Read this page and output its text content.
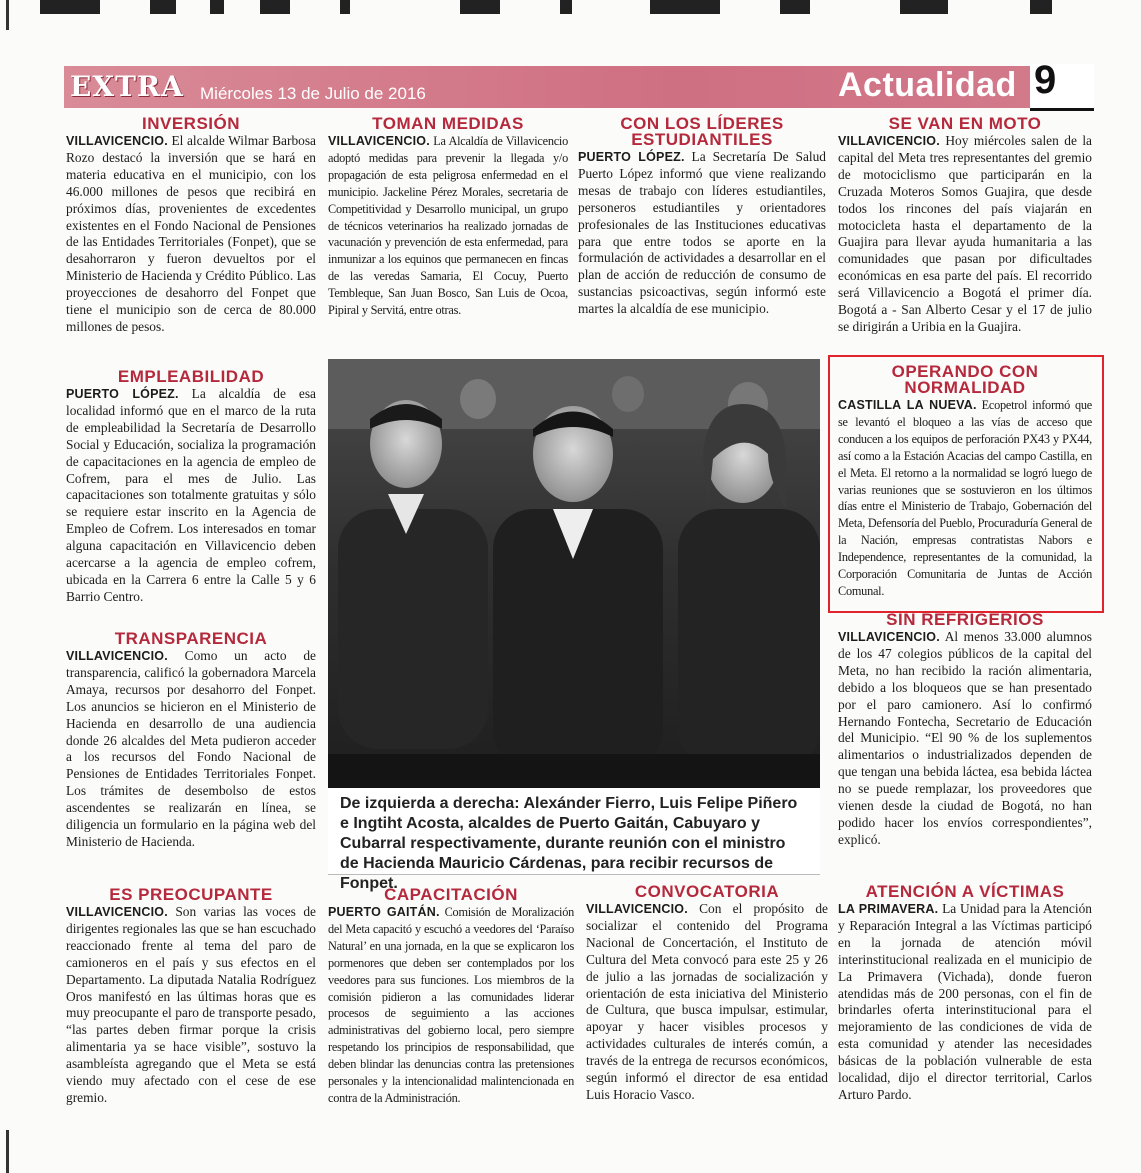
EXTRA Miércoles 13 de Julio de 2016	Actualidad 9
INVERSIÓN

VILLAVICENCIO. El alcalde Wilmar Barbosa Rozo destacó la inversión que se hará en materia educativa en el municipio, con los 46.000 millones de pesos que recibirá en próximos días, provenientes de excedentes existentes en el Fondo Nacional de Pensiones de las Entidades Territoriales (Fonpet), que se desahorraron y fueron devueltos por el Ministerio de Hacienda y Crédito Público. Las proyecciones de desahorro del Fonpet que tiene el municipio son de cerca de 80.000 millones de pesos.

EMPLEABILIDAD

PUERTO LÓPEZ. La alcaldía de esa localidad informó que en el marco de la ruta de empleabilidad la Secretaría de Desarrollo Social y Educación, socializa la programación de capacitaciones en la agencia de empleo de Cofrem, para el mes de Julio. Las capacitaciones son totalmente gratuitas y sólo se requiere estar inscrito en la Agencia de Empleo de Cofrem. Los interesados en tomar alguna capacitación en Villavicencio deben acercarse a la agencia de empleo cofrem, ubicada en la Carrera 6 entre la Calle 5 y 6 Barrio Centro.

TRANSPARENCIA

VILLAVICENCIO. Como un acto de transparencia, calificó la gobernadora Marcela Amaya, recursos por desahorro del Fonpet. Los anuncios se hicieron en el Ministerio de Hacienda en desarrollo de una audiencia donde 26 alcaldes del Meta pudieron acceder a los recursos del Fondo Nacional de Pensiones de Entidades Territoriales Fonpet. Los trámites de desembolso de estos ascendentes se realizarán en línea, se diligencia un formulario en la página web del Ministerio de Hacienda.

ES PREOCUPANTE

VILLAVICENCIO. Son varias las voces de dirigentes regionales las que se han escuchado reaccionado frente al tema del paro de camioneros en el país y sus efectos en el Departamento. La diputada Natalia Rodríguez Oros manifestó en las últimas horas que es muy preocupante el paro de transporte pesado, “las partes deben firmar porque la crisis alimentaria ya se hace visible”, sostuvo la asambleísta agregando que el Meta se está viendo muy afectado con el cese de ese gremio.

TOMAN MEDIDAS

VILLAVICENCIO. La Alcaldía de Villavicencio adoptó medidas para prevenir la llegada y/o propagación de esta peligrosa enfermedad en el municipio. Jackeline Pérez Morales, secretaria de Competitividad y Desarrollo municipal, un grupo de técnicos veterinarios ha realizado jornadas de vacunación y prevención de esta enfermedad, para inmunizar a los equinos que permanecen en fincas de las veredas Samaria, El Cocuy, Puerto Tembleque, San Juan Bosco, San Luis de Ocoa, Pipiral y Servitá, entre otras.

CON LOS LÍDERES ESTUDIANTILES

PUERTO LÓPEZ. La Secretaría De Salud Puerto López informó que viene realizando mesas de trabajo con líderes estudiantiles, personeros estudiantiles y orientadores profesionales de las Instituciones educativas para que entre todos se aporte en la formulación de actividades a desarrollar en el plan de acción de reducción de consumo de sustancias psicoactivas, según informó este martes la alcaldía de ese municipio.

De izquierda a derecha: Alexánder Fierro, Luis Felipe Piñero e Ingtiht Acosta, alcaldes de Puerto Gaitán, Cabuyaro y Cubarral respectivamente, durante reunión con el ministro de Hacienda Mauricio Cárdenas, para recibir recursos de Fonpet.

SE VAN EN MOTO

VILLAVICENCIO. Hoy miércoles salen de la capital del Meta tres representantes del gremio de motociclismo que participarán en la Cruzada Moteros Somos Guajira, que desde todos los rincones del país viajarán en motocicleta hasta el departamento de la Guajira para llevar ayuda humanitaria a las comunidades que pasan por dificultades económicas en esa parte del país. El recorrido será Villavicencio a Bogotá el primer día. Bogotá a - San Alberto Cesar y el 17 de julio se dirigirán a Uribia en la Guajira.

OPERANDO CON NORMALIDAD

CASTILLA LA NUEVA. Ecopetrol informó que se levantó el bloqueo a las vías de acceso que conducen a los equipos de perforación PX43 y PX44, así como a la Estación Acacias del campo Castilla, en el Meta. El retorno a la normalidad se logró luego de varias reuniones que se sostuvieron en los últimos días entre el Ministerio de Trabajo, Gobernación del Meta, Defensoría del Pueblo, Procuraduría General de la Nación, empresas contratistas Nabors e Independence, representantes de la comunidad, la Corporación Comunitaria de Juntas de Acción Comunal.

SIN REFRIGERIOS

VILLAVICENCIO. Al menos 33.000 alumnos de los 47 colegios públicos de la capital del Meta, no han recibido la ración alimentaria, debido a los bloqueos que se han presentado por el paro camionero. Así lo confirmó Hernando Fontecha, Secretario de Educación del Municipio. “El 90 % de los suplementos alimentarios o industrializados dependen de que tengan una bebida láctea, esa bebida láctea no se puede remplazar, los proveedores que vienen desde la ciudad de Bogotá, no han podido hacer los envíos correspondientes”, explicó.

CAPACITACIÓN

PUERTO GAITÁN. Comisión de Moralización del Meta capacitó y escuchó a veedores del ‘Paraíso Natural’ en una jornada, en la que se explicaron los pormenores que deben ser contemplados por los veedores para sus funciones. Los miembros de la comisión pidieron a las comunidades liderar procesos de seguimiento a las acciones administrativas del gobierno local, pero siempre respetando los principios de responsabilidad, que deben blindar las denuncias contra las pretensiones personales y la intencionalidad malintencionada en contra de la Administración.

CONVOCATORIA

VILLAVICENCIO. Con el propósito de socializar el contenido del Programa Nacional de Concertación, el Instituto de Cultura del Meta convocó para este 25 y 26 de julio a las jornadas de socialización y orientación de esta iniciativa del Ministerio de Cultura, que busca impulsar, estimular, apoyar y hacer visibles procesos y actividades culturales de interés común, a través de la entrega de recursos económicos, según informó el director de esa entidad Luis Horacio Vasco.

ATENCIÓN A VÍCTIMAS

LA PRIMAVERA. La Unidad para la Atención y Reparación Integral a las Víctimas participó en la jornada de atención móvil interinstitucional realizada en el municipio de La Primavera (Vichada), donde fueron atendidas más de 200 personas, con el fin de brindarles oferta interinstitucional para el mejoramiento de las condiciones de vida de esta comunidad y atender las necesidades básicas de la población vulnerable de esta localidad, dijo el director territorial, Carlos Arturo Pardo.
